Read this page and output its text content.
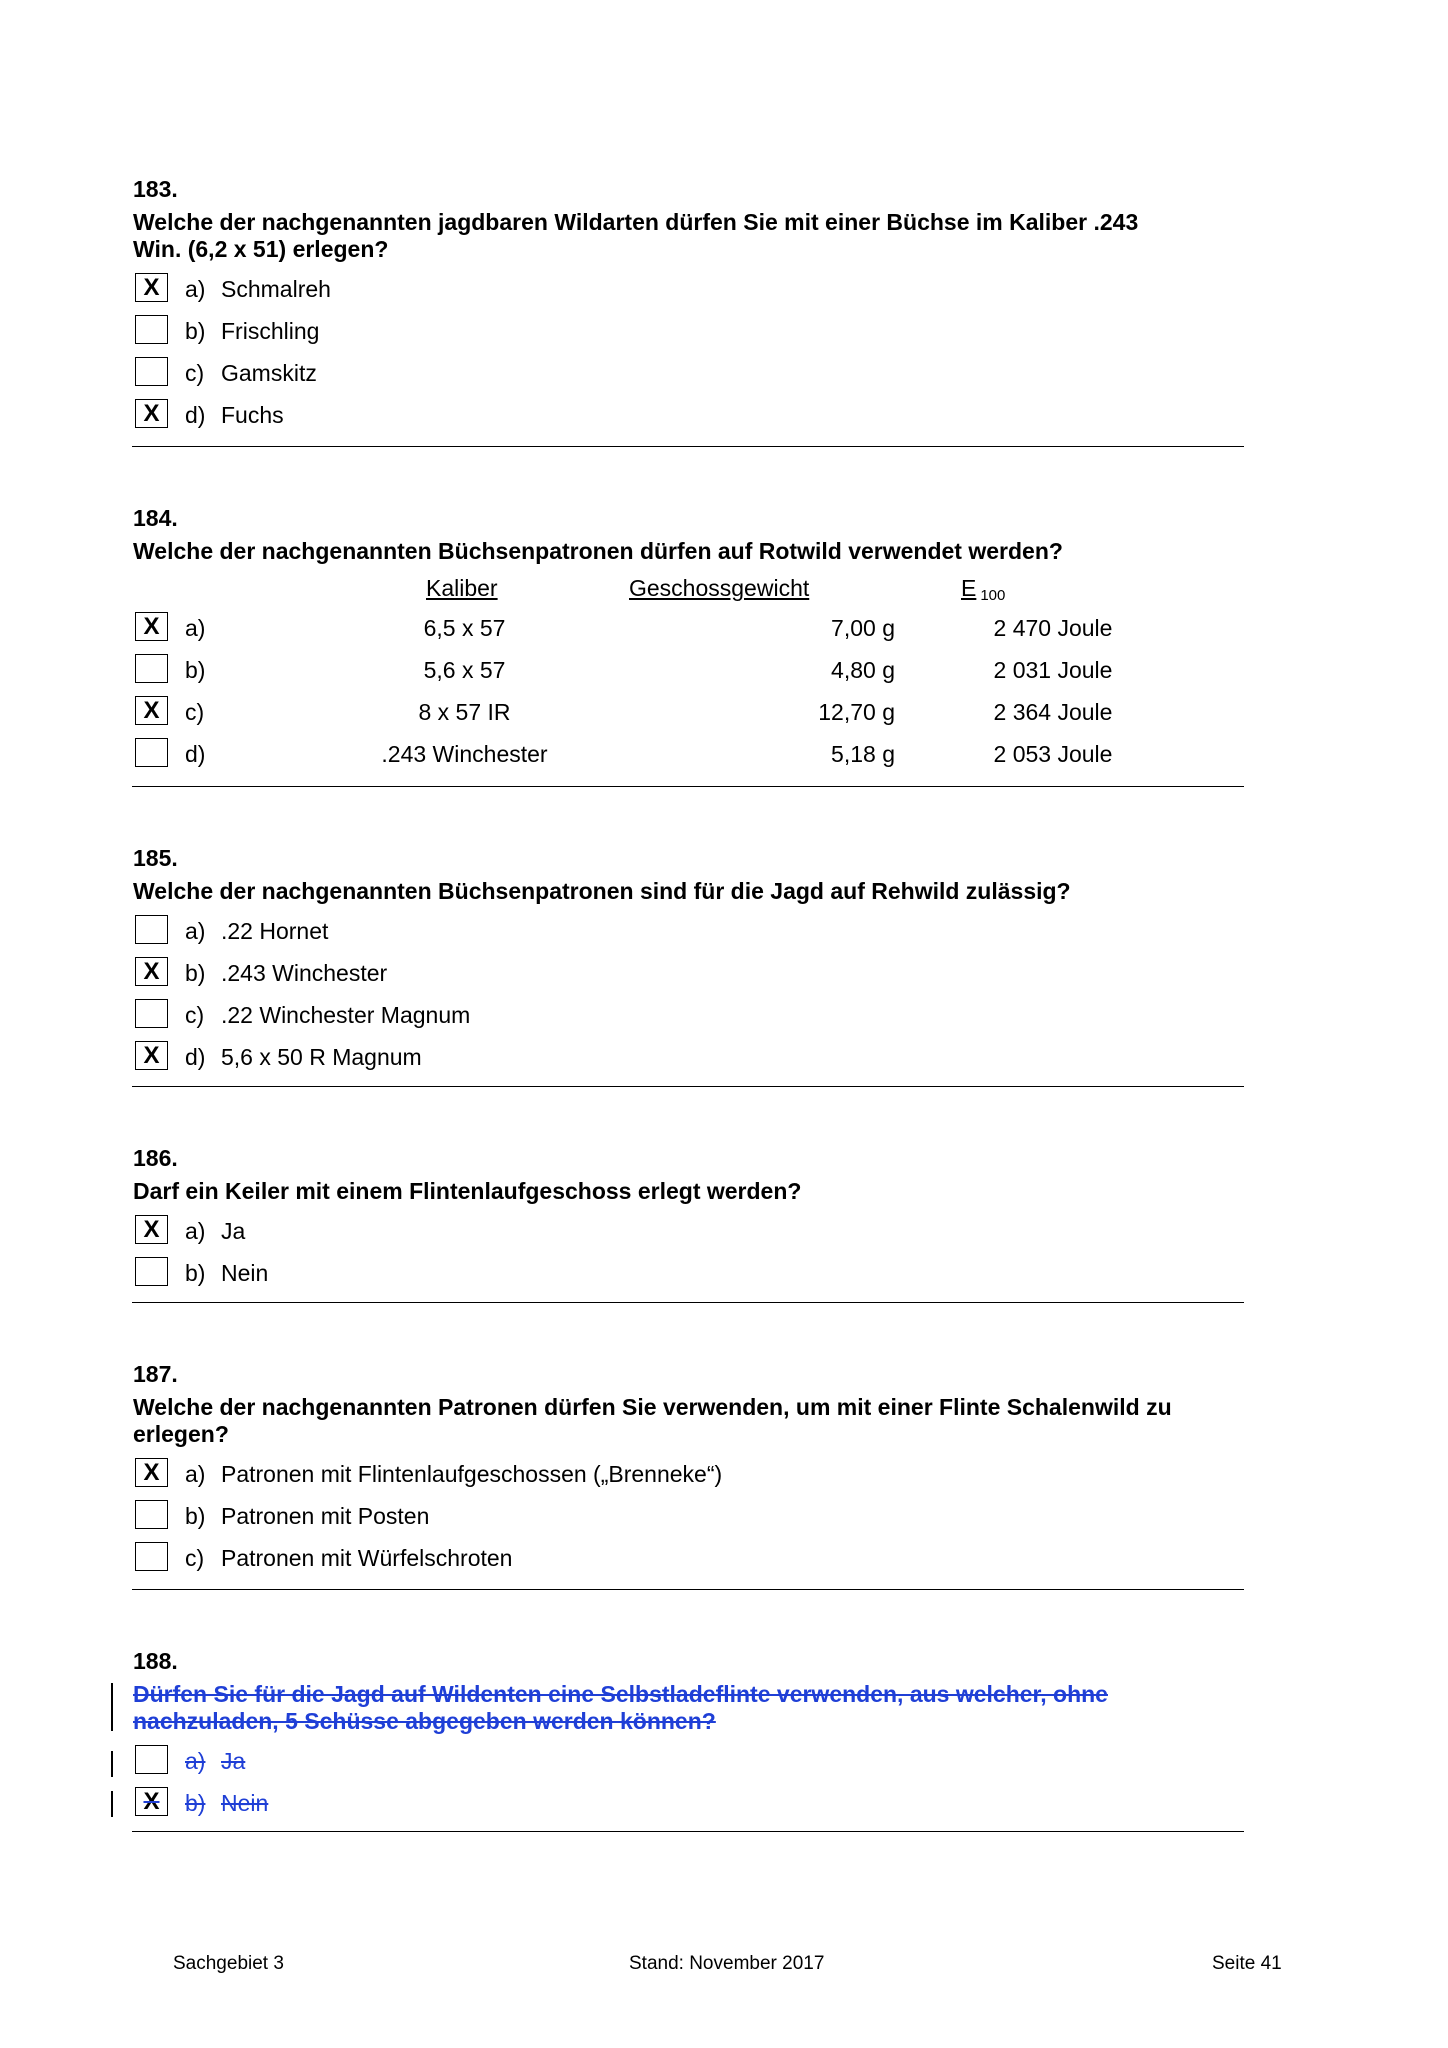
183.
Welche der nachgenannten jagdbaren Wildarten dürfen Sie mit einer Büchse im Kaliber .243
Win. (6,2 x 51) erlegen?
X	a) Schmalreh
b) Frischling
c) Gamskitz
X	d) Fuchs
184.
Welche der nachgenannten Büchsenpatronen dürfen auf Rotwild verwendet werden?
Kaliber	Geschossgewicht	E 100
X	a)	6,5 x 57	7,00 g	2 470 Joule
b)	5,6 x 57	4,80 g	2 031 Joule
X	c)	8 x 57 IR	12,70 g	2 364 Joule
d)	.243 Winchester	5,18 g	2 053 Joule
185.
Welche der nachgenannten Büchsenpatronen sind für die Jagd auf Rehwild zulässig?
a) .22 Hornet
X	b) .243 Winchester
c) .22 Winchester Magnum
X	d) 5,6 x 50 R Magnum
186.
Darf ein Keiler mit einem Flintenlaufgeschoss erlegt werden?
X	a) Ja
b) Nein
187.
Welche der nachgenannten Patronen dürfen Sie verwenden, um mit einer Flinte Schalenwild zu
erlegen?
X	a) Patronen mit Flintenlaufgeschossen („Brenneke“)
b) Patronen mit Posten
c) Patronen mit Würfelschroten
188.
Dürfen Sie für die Jagd auf Wildenten eine Selbstladeflinte verwenden, aus welcher, ohne
nachzuladen, 5 Schüsse abgegeben werden können?
a) Ja
X	b) Nein
Sachgebiet 3	Stand: November 2017	Seite 41
